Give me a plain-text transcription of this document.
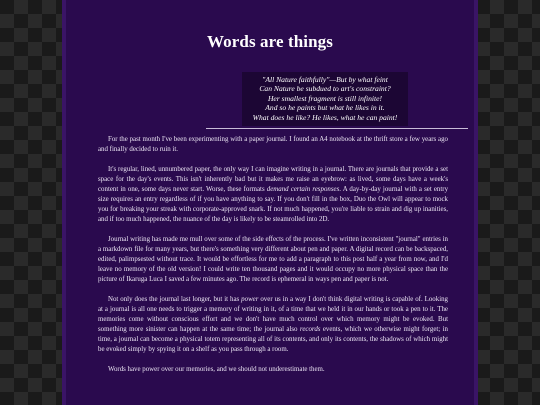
Words are things
"All Nature faithfully"—But by what feint
Can Nature be subdued to art's constraint?
Her smallest fragment is still infinite!
And so he paints but what he likes in it.
What does he like? He likes, what he can paint!

For the past month I've been experimenting with a paper journal. I found an A4 notebook at the thrift store a few years ago and finally decided to ruin it.

It's regular, lined, unnumbered paper, the only way I can imagine writing in a journal. There are journals that provide a set space for the day's events. This isn't inherently bad but it makes me raise an eyebrow: as lived, some days have a week's content in one, some days never start. Worse, these formats demand certain responses. A day-by-day journal with a set entry size requires an entry regardless of if you have anything to say. If you don't fill in the box, Duo the Owl will appear to mock you for breaking your streak with corporate-approved snark. If not much happened, you're liable to strain and dig up inanities, and if too much happened, the nuance of the day is likely to be steamrolled into 2D.

Journal writing has made me mull over some of the side effects of the process. I've written inconsistent "journal" entries in a markdown file for many years, but there's something very different about pen and paper. A digital record can be backspaced, edited, palimpsested without trace. It would be effortless for me to add a paragraph to this post half a year from now, and I'd leave no memory of the old version! I could write ten thousand pages and it would occupy no more physical space than the picture of Ikaruga Luca I saved a few minutes ago. The record is ephemeral in ways pen and paper is not.

Not only does the journal last longer, but it has power over us in a way I don't think digital writing is capable of. Looking at a journal is all one needs to trigger a memory of writing in it, of a time that we held it in our hands or took a pen to it. The memories come without conscious effort and we don't have much control over which memory might be evoked. But something more sinister can happen at the same time; the journal also records events, which we otherwise might forget; in time, a journal can become a physical totem representing all of its contents, and only its contents, the shadows of which might be evoked simply by spying it on a shelf as you pass through a room.

Words have power over our memories, and we should not underestimate them.
